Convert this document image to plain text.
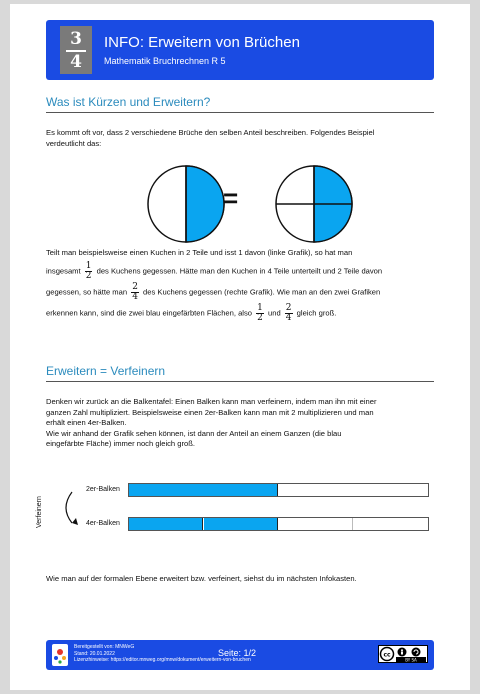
3
4
INFO: Erweitern von Brüchen
Mathematik Bruchrechnen R 5
Was ist Kürzen und Erweitern?
Es kommt oft vor, dass 2 verschiedene Brüche den selben Anteil beschreiben. Folgendes Beispiel
verdeutlicht das:
=
Teilt man beispielsweise einen Kuchen in 2 Teile und isst 1 davon (linke Grafik), so hat man
insgesamt $\frac{1}{2}$ des Kuchens gegessen. Hätte man den Kuchen in 4 Teile unterteilt und 2 Teile davon
gegessen, so hätte man $\frac{2}{4}$ des Kuchens gegessen (rechte Grafik). Wie man an den zwei Grafiken
erkennen kann, sind die zwei blau eingefärbten Flächen, also $\frac{1}{2}$ und $\frac{2}{4}$ gleich groß.
Erweitern = Verfeinern
Denken wir zurück an die Balkentafel: Einen Balken kann man verfeinern, indem man ihn mit einer
ganzen Zahl multipliziert. Beispielsweise einen 2er-Balken kann man mit 2 multiplizieren und man
erhält einen 4er-Balken.
Wie wir anhand der Grafik sehen können, ist dann der Anteil an einem Ganzen (die blau
eingefärbte Fläche) immer noch gleich groß.
Verfeinern
2er-Balken
4er-Balken
Wie man auf der formalen Ebene erweitert bzw. verfeinert, siehst du im nächsten Infokasten.
Bereitgestellt von: MNWeG
Stand: 20.01.2022
Lizenzhinweise: https://editor.mnweg.org/mnw/dokument/erweitern-von-bruchen
Seite: 1/2	cc
BY SA
